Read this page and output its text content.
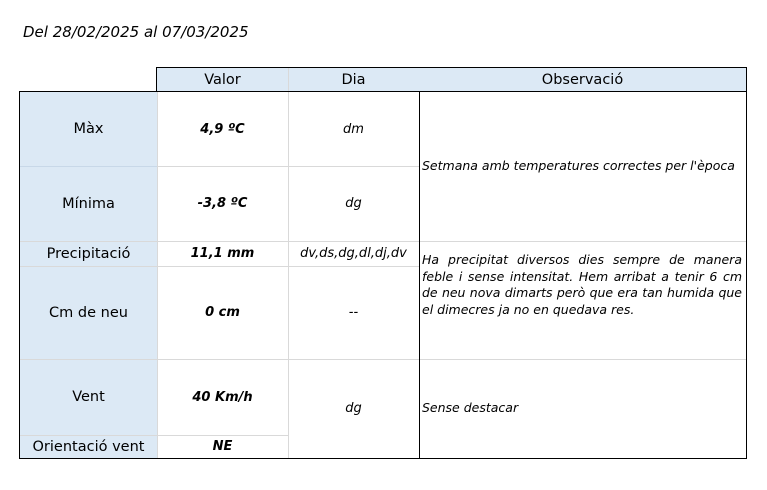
Del 28/02/2025 al 07/03/2025
Valor	Dia	Observació
Màx
Mínima
Precipitació
Cm de neu
Vent
Orientació vent
4,9 ºC
-3,8 ºC
11,1 mm
0 cm
40 Km/h
NE
dm
dg
dv,ds,dg,dl,dj,dv
--
dg
Setmana amb temperatures correctes per l'època
Ha precipitat diversos dies sempre de manera feble i sense intensitat. Hem arribat a tenir 6 cm de neu nova dimarts però que era tan humida que el dimecres ja no en quedava res.
Sense destacar
